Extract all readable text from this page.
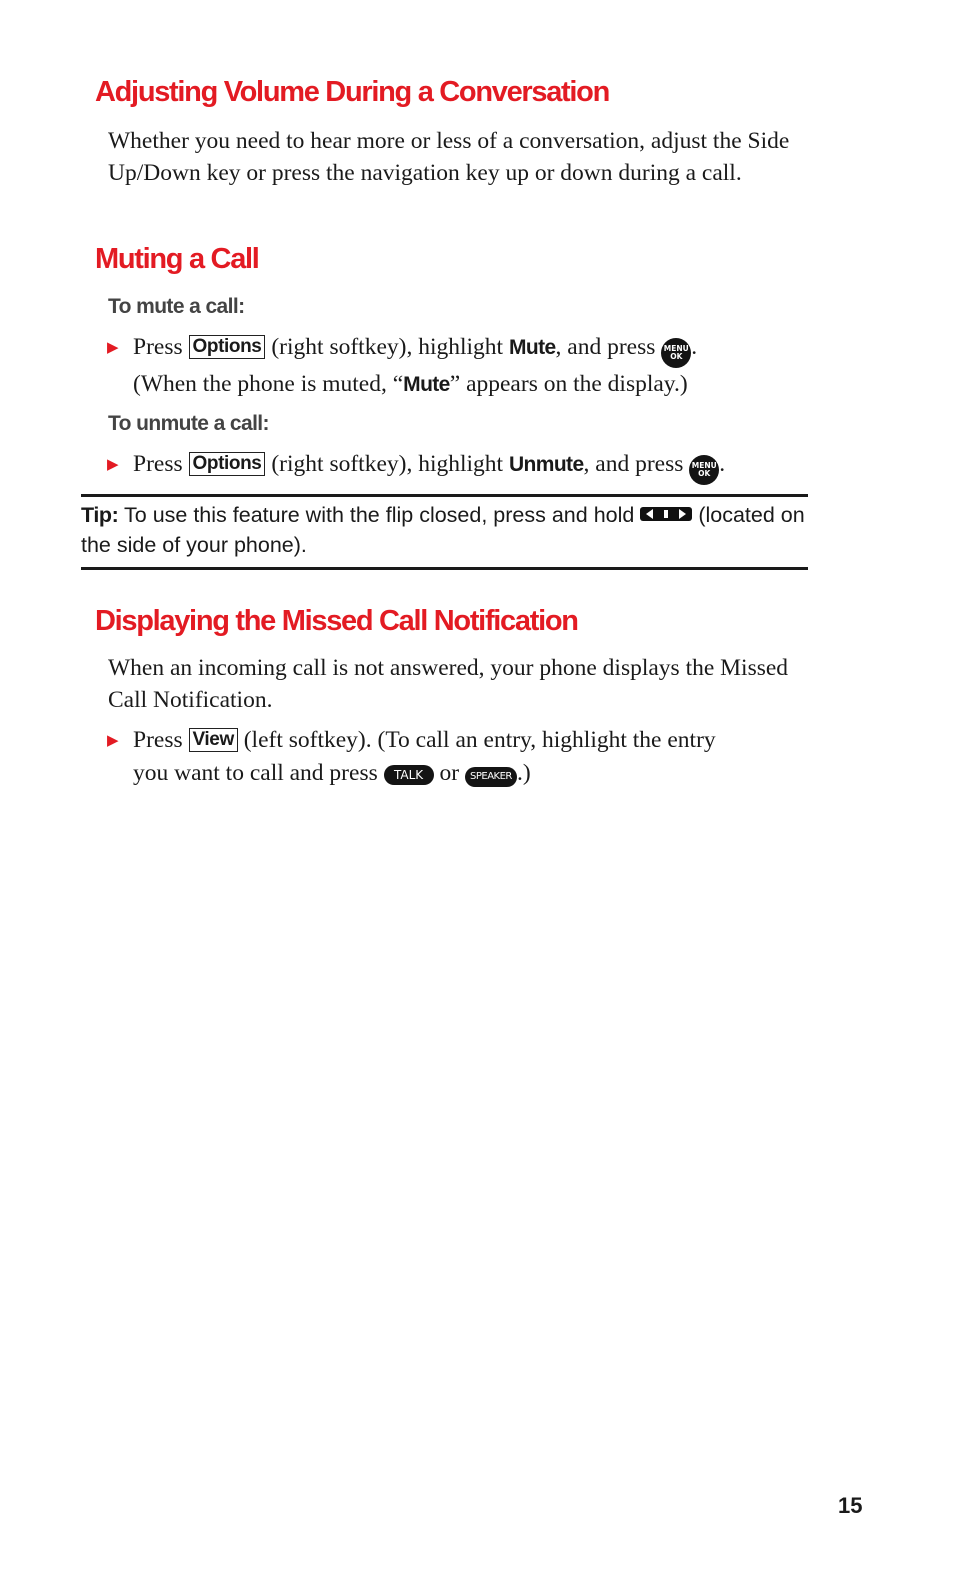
Adjusting Volume During a Conversation

Whether you need to hear more or less of a conversation, adjust the Side Up/Down key or press the navigation key up or down during a call.

Muting a Call

To mute a call:

▶ Press Options (right softkey), highlight Mute, and press MENU
OK .
(When the phone is muted, “Mute” appears on the display.)

To unmute a call:

▶ Press Options (right softkey), highlight Unmute, and press MENU
OK .

Tip: To use this feature with the flip closed, press and hold	(located on the side of your phone).

Displaying the Missed Call Notification

When an incoming call is not answered, your phone displays the Missed Call Notification.

▶ Press View (left softkey). (To call an entry, highlight the entry
you want to call and press TALK or SPEAKER .)

15
